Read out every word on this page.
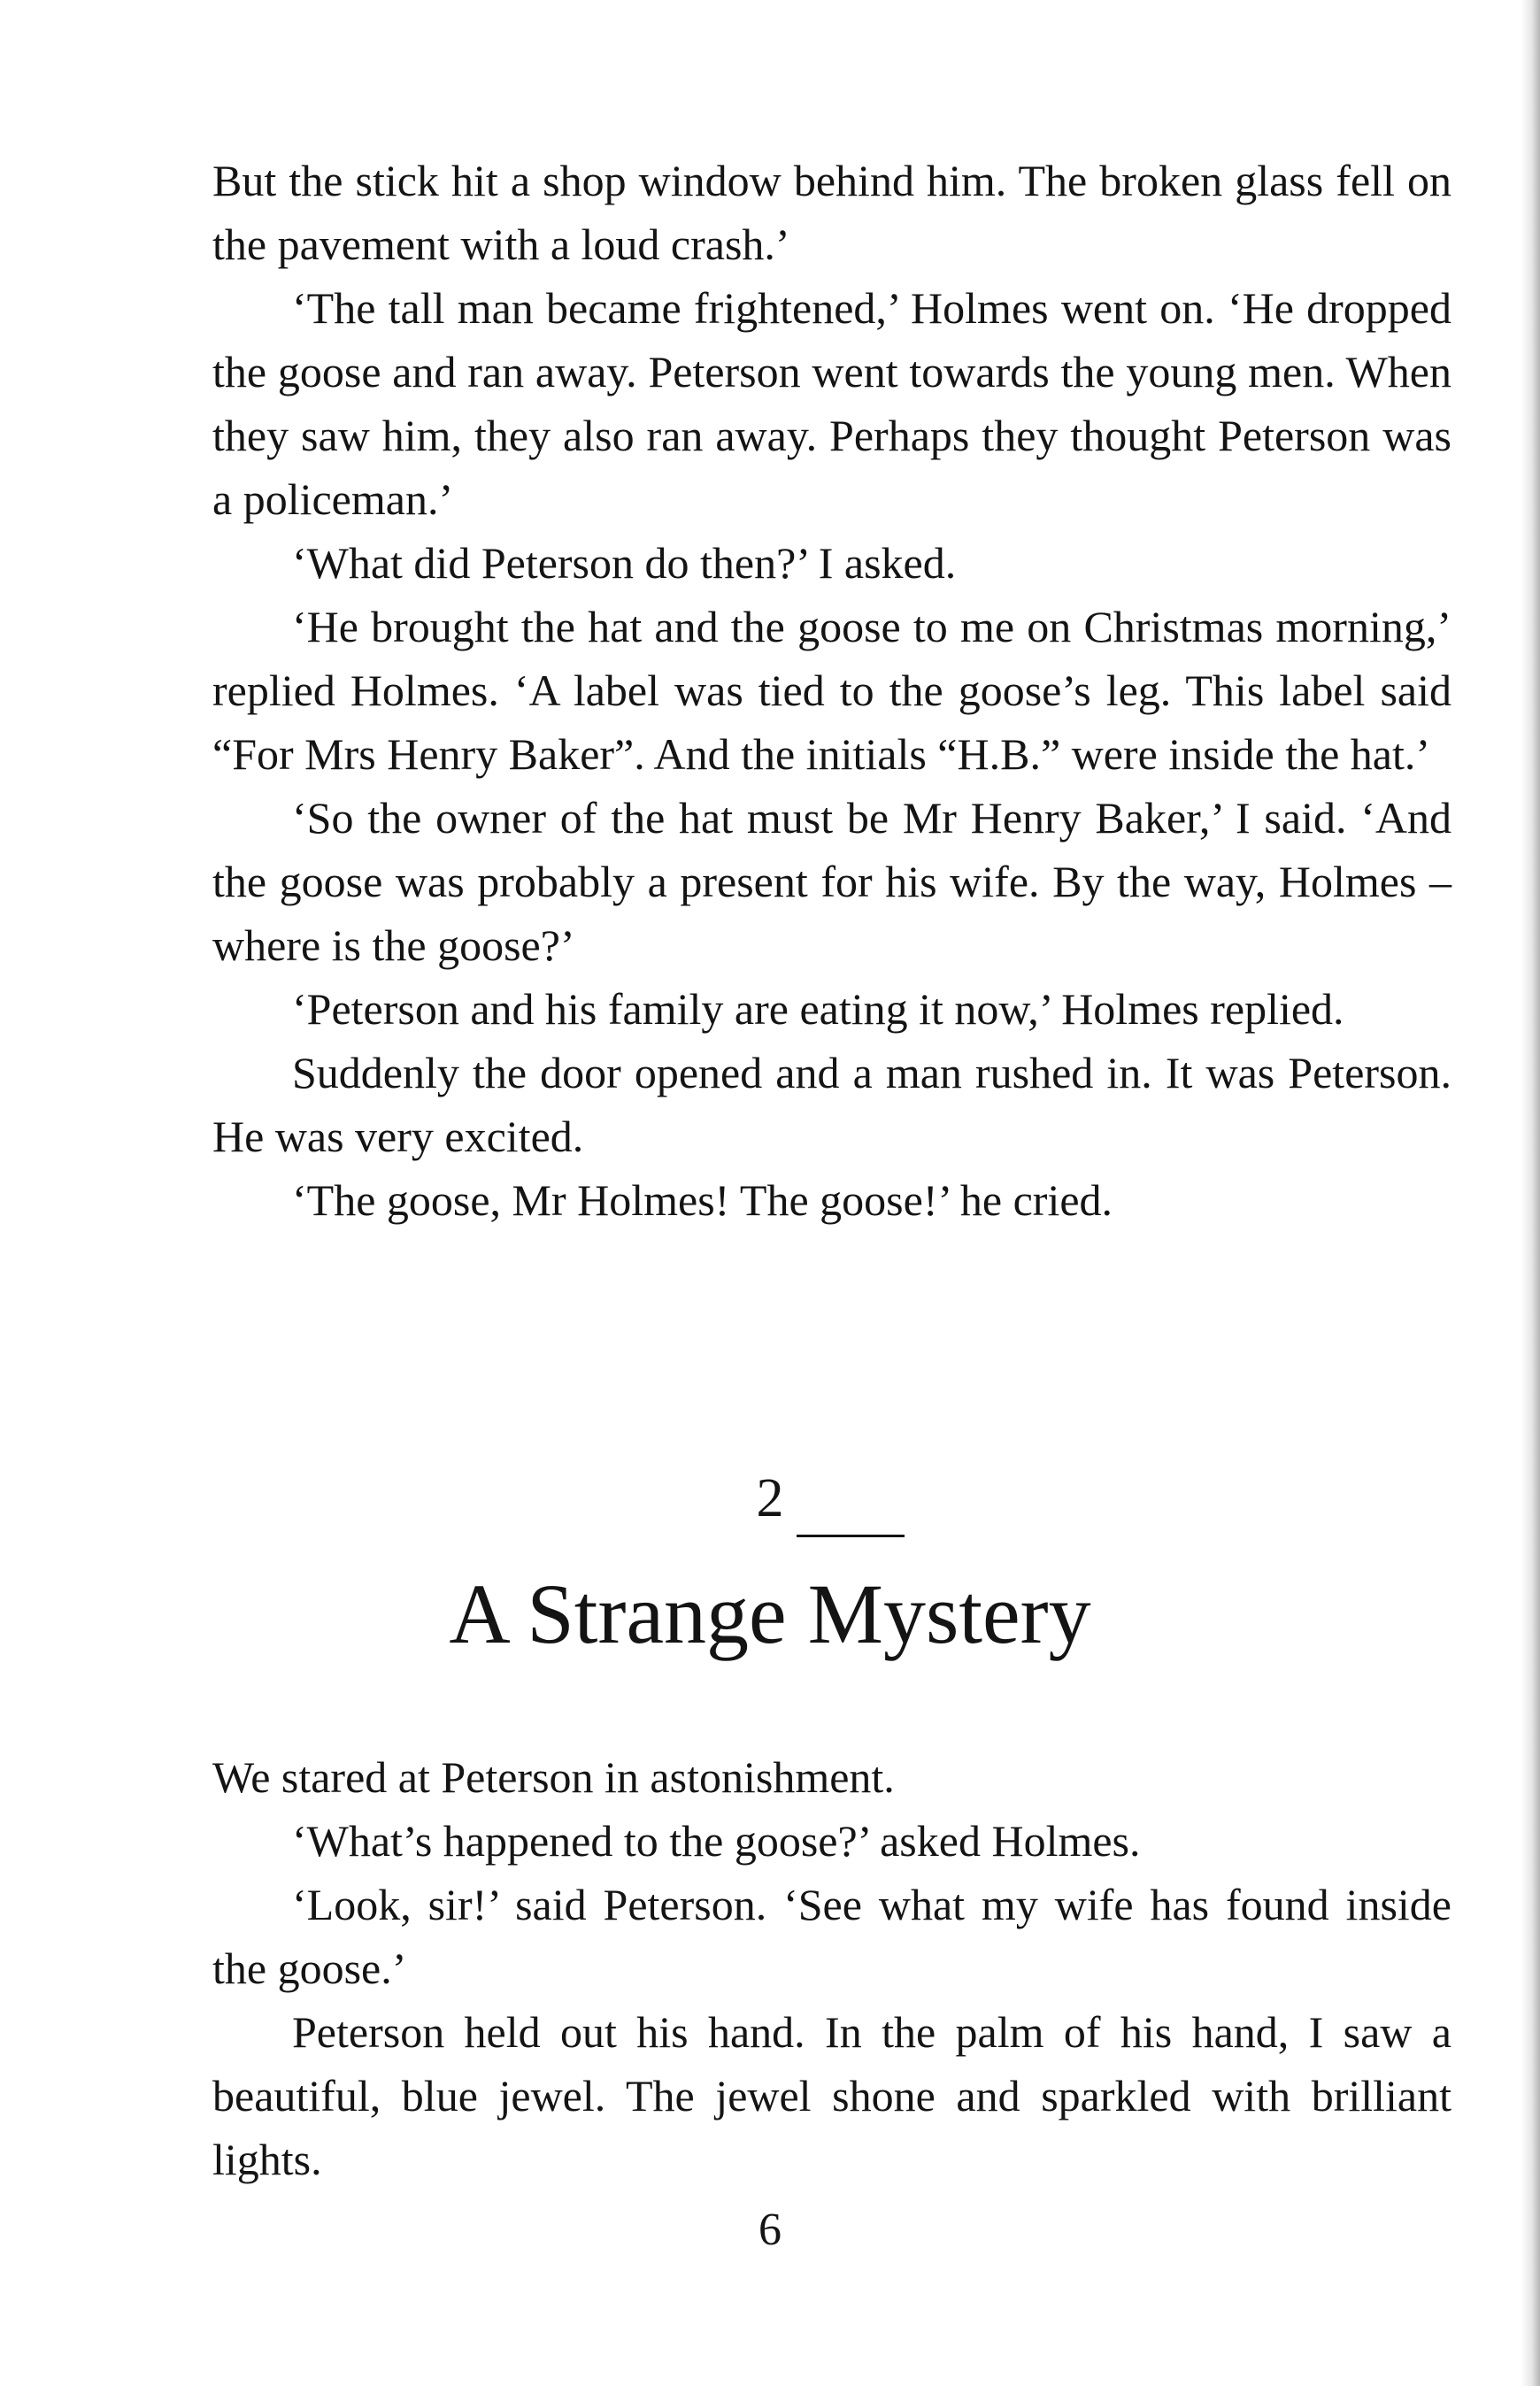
But the stick hit a shop window behind him. The broken glass fell on the pavement with a loud crash.’

‘The tall man became frightened,’ Holmes went on. ‘He dropped the goose and ran away. Peterson went towards the young men. When they saw him, they also ran away. Perhaps they thought Peterson was a policeman.’

‘What did Peterson do then?’ I asked.

‘He brought the hat and the goose to me on Christmas morning,’ replied Holmes. ‘A label was tied to the goose’s leg. This label said “For Mrs Henry Baker”. And the initials “H.B.” were inside the hat.’

‘So the owner of the hat must be Mr Henry Baker,’ I said. ‘And the goose was probably a present for his wife. By the way, Holmes – where is the goose?’

‘Peterson and his family are eating it now,’ Holmes replied.

Suddenly the door opened and a man rushed in. It was Peterson. He was very excited.

‘The goose, Mr Holmes! The goose!’ he cried.

2
A Strange Mystery

We stared at Peterson in astonishment.

‘What’s happened to the goose?’ asked Holmes.

‘Look, sir!’ said Peterson. ‘See what my wife has found inside the goose.’

Peterson held out his hand. In the palm of his hand, I saw a beautiful, blue jewel. The jewel shone and sparkled with brilliant lights.

6
